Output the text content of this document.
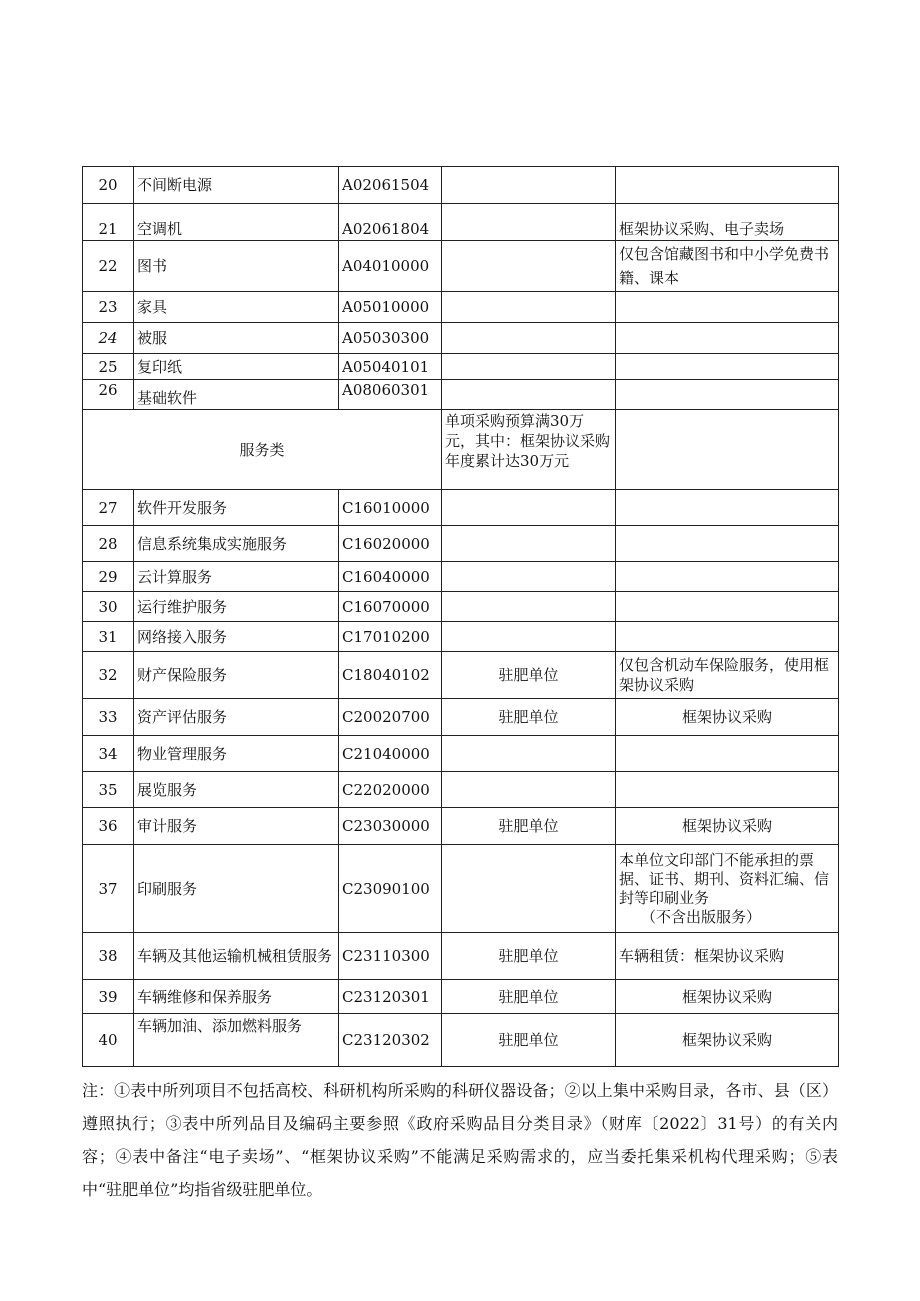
20	不间断电源	A02061504		
21	空调机	A02061804		框架协议采购、电子卖场
22	图书	A04010000		仅包含馆藏图书和中小学免费书籍、课本
23	家具	A05010000		
24	被服	A05030300		
25	复印纸	A05040101		
26	基础软件	A08060301		
服务类			单项采购预算满30万元，其中：框架协议采购年度累计达30万元	
27	软件开发服务	C16010000		
28	信息系统集成实施服务	C16020000		
29	云计算服务	C16040000		
30	运行维护服务	C16070000		
31	网络接入服务	C17010200		
32	财产保险服务	C18040102	驻肥单位	仅包含机动车保险服务，使用框架协议采购
33	资产评估服务	C20020700	驻肥单位	框架协议采购
34	物业管理服务	C21040000		
35	展览服务	C22020000		
36	审计服务	C23030000	驻肥单位	框架协议采购
37	印刷服务	C23090100		本单位文印部门不能承担的票据、证书、期刊、资料汇编、信封等印刷业务
（不含出版服务）

38	车辆及其他运输机械租赁服务	C23110300	驻肥单位	车辆租赁：框架协议采购
39	车辆维修和保养服务	C23120301	驻肥单位	框架协议采购
40	车辆加油、添加燃料服务	C23120302	驻肥单位	框架协议采购
注：①表中所列项目不包括高校、科研机构所采购的科研仪器设备；②以上集中采购目录，各市、县（区）遵照执行；③表中所列品目及编码主要参照《政府采购品目分类目录》（财库〔2022〕31号）的有关内容；④表中备注“电子卖场”、“框架协议采购”不能满足采购需求的，应当委托集采机构代理采购；⑤表中“驻肥单位”均指省级驻肥单位。
